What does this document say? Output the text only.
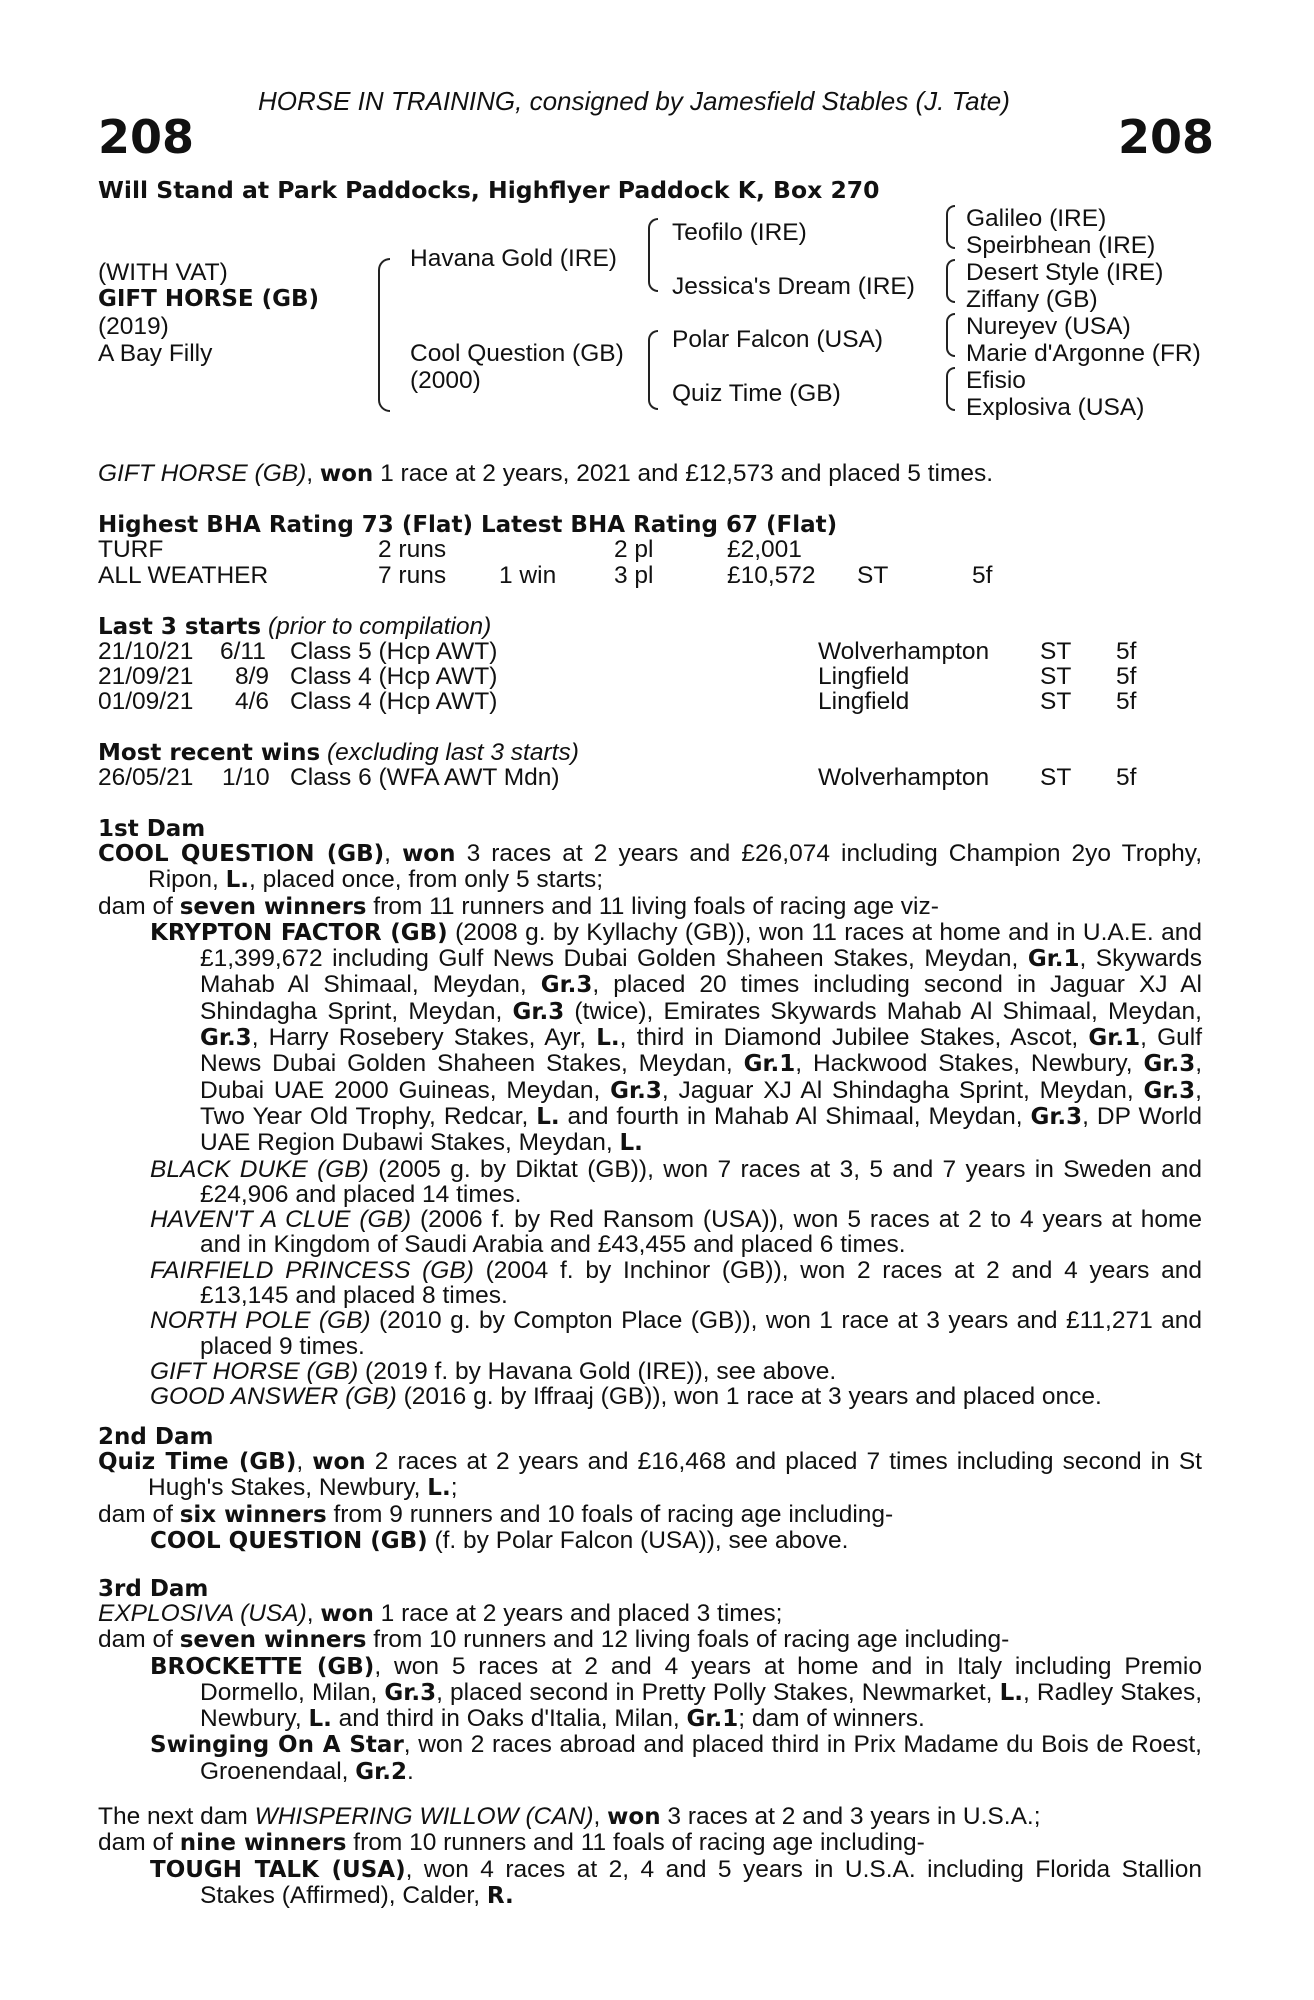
HORSE IN TRAINING, consigned by Jamesfield Stables (J. Tate)
208	208
Will Stand at Park Paddocks, Highflyer Paddock K, Box 270
(WITH VAT)
GIFT HORSE (GB)
(2019)
A Bay Filly
Havana Gold (IRE)
Cool Question (GB)
(2000)
Teofilo (IRE)
Jessica's Dream (IRE)
Polar Falcon (USA)
Quiz Time (GB)
Galileo (IRE)
Speirbhean (IRE)
Desert Style (IRE)
Ziffany (GB)
Nureyev (USA)
Marie d'Argonne (FR)
Efisio
Explosiva (USA)
GIFT HORSE (GB), won 1 race at 2 years, 2021 and £12,573 and placed 5 times.
Highest BHA Rating 73 (Flat) Latest BHA Rating 67 (Flat)
TURF	2 runs	2 pl	£2,001
ALL WEATHER	7 runs 1 win 3 pl	£10,572 ST	5f
Last 3 starts (prior to compilation)
21/10/21 6/11 Class 5 (Hcp AWT)	Wolverhampton ST 5f
21/09/21 8/9 Class 4 (Hcp AWT)	Lingfield	ST 5f
01/09/21 4/6 Class 4 (Hcp AWT)	Lingfield	ST 5f
Most recent wins (excluding last 3 starts)
26/05/21 1/10 Class 6 (WFA AWT Mdn)	Wolverhampton ST 5f
1st Dam
COOL QUESTION (GB), won 3 races at 2 years and £26,074 including Champion 2yo Trophy, Ripon, L., placed once, from only 5 starts;
dam of seven winners from 11 runners and 11 living foals of racing age viz-
KRYPTON FACTOR (GB) (2008 g. by Kyllachy (GB)), won 11 races at home and in U.A.E. and £1,399,672 including Gulf News Dubai Golden Shaheen Stakes, Meydan, Gr.1, Skywards Mahab Al Shimaal, Meydan, Gr.3, placed 20 times including second in Jaguar XJ Al Shindagha Sprint, Meydan, Gr.3 (twice), Emirates Skywards Mahab Al Shimaal, Meydan, Gr.3, Harry Rosebery Stakes, Ayr, L., third in Diamond Jubilee Stakes, Ascot, Gr.1, Gulf News Dubai Golden Shaheen Stakes, Meydan, Gr.1, Hackwood Stakes, Newbury, Gr.3, Dubai UAE 2000 Guineas, Meydan, Gr.3, Jaguar XJ Al Shindagha Sprint, Meydan, Gr.3, Two Year Old Trophy, Redcar, L. and fourth in Mahab Al Shimaal, Meydan, Gr.3, DP World UAE Region Dubawi Stakes, Meydan, L.
BLACK DUKE (GB) (2005 g. by Diktat (GB)), won 7 races at 3, 5 and 7 years in Sweden and £24,906 and placed 14 times.
HAVEN'T A CLUE (GB) (2006 f. by Red Ransom (USA)), won 5 races at 2 to 4 years at home and in Kingdom of Saudi Arabia and £43,455 and placed 6 times.
FAIRFIELD PRINCESS (GB) (2004 f. by Inchinor (GB)), won 2 races at 2 and 4 years and £13,145 and placed 8 times.
NORTH POLE (GB) (2010 g. by Compton Place (GB)), won 1 race at 3 years and £11,271 and placed 9 times.
GIFT HORSE (GB) (2019 f. by Havana Gold (IRE)), see above.
GOOD ANSWER (GB) (2016 g. by Iffraaj (GB)), won 1 race at 3 years and placed once.
2nd Dam
Quiz Time (GB), won 2 races at 2 years and £16,468 and placed 7 times including second in St Hugh's Stakes, Newbury, L.;
dam of six winners from 9 runners and 10 foals of racing age including-
COOL QUESTION (GB) (f. by Polar Falcon (USA)), see above.
3rd Dam
EXPLOSIVA (USA), won 1 race at 2 years and placed 3 times;
dam of seven winners from 10 runners and 12 living foals of racing age including-
BROCKETTE (GB), won 5 races at 2 and 4 years at home and in Italy including Premio Dormello, Milan, Gr.3, placed second in Pretty Polly Stakes, Newmarket, L., Radley Stakes, Newbury, L. and third in Oaks d'Italia, Milan, Gr.1; dam of winners.
Swinging On A Star, won 2 races abroad and placed third in Prix Madame du Bois de Roest, Groenendaal, Gr.2.
The next dam WHISPERING WILLOW (CAN), won 3 races at 2 and 3 years in U.S.A.;
dam of nine winners from 10 runners and 11 foals of racing age including-
TOUGH TALK (USA), won 4 races at 2, 4 and 5 years in U.S.A. including Florida Stallion Stakes (Affirmed), Calder, R.
